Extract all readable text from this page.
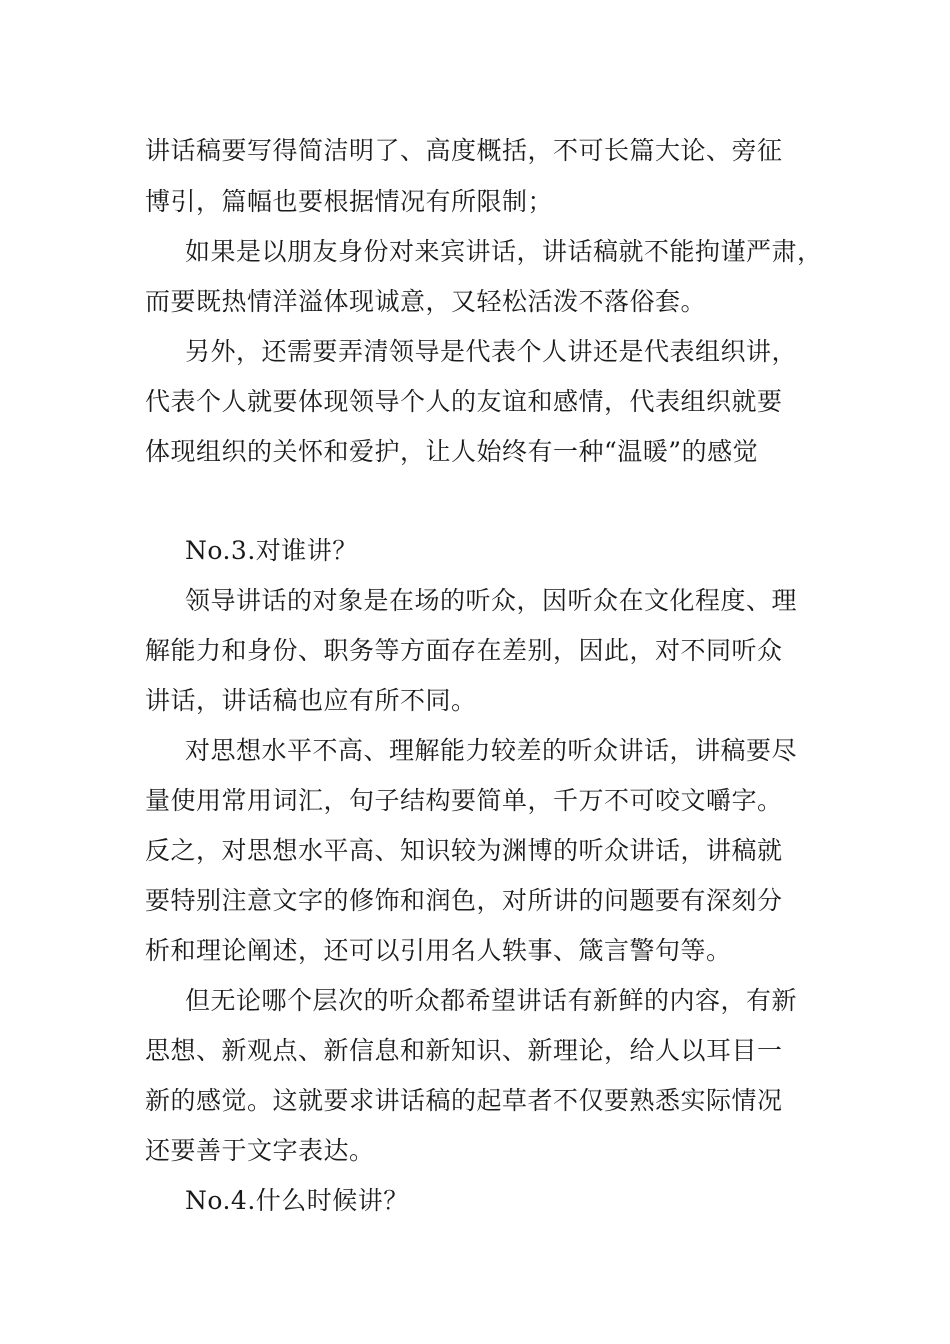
讲话稿要写得简洁明了、高度概括，不可长篇大论、旁征
博引，篇幅也要根据情况有所限制；
如果是以朋友身份对来宾讲话，讲话稿就不能拘谨严肃，
而要既热情洋溢体现诚意，又轻松活泼不落俗套。
另外，还需要弄清领导是代表个人讲还是代表组织讲，
代表个人就要体现领导个人的友谊和感情，代表组织就要
体现组织的关怀和爱护，让人始终有一种“温暖”的感觉
No.3.对谁讲？
领导讲话的对象是在场的听众，因听众在文化程度、理
解能力和身份、职务等方面存在差别，因此，对不同听众
讲话，讲话稿也应有所不同。
对思想水平不高、理解能力较差的听众讲话，讲稿要尽
量使用常用词汇，句子结构要简单，千万不可咬文嚼字。
反之，对思想水平高、知识较为渊博的听众讲话，讲稿就
要特别注意文字的修饰和润色，对所讲的问题要有深刻分
析和理论阐述，还可以引用名人轶事、箴言警句等。
但无论哪个层次的听众都希望讲话有新鲜的内容，有新
思想、新观点、新信息和新知识、新理论，给人以耳目一
新的感觉。这就要求讲话稿的起草者不仅要熟悉实际情况
还要善于文字表达。
No.4.什么时候讲？
